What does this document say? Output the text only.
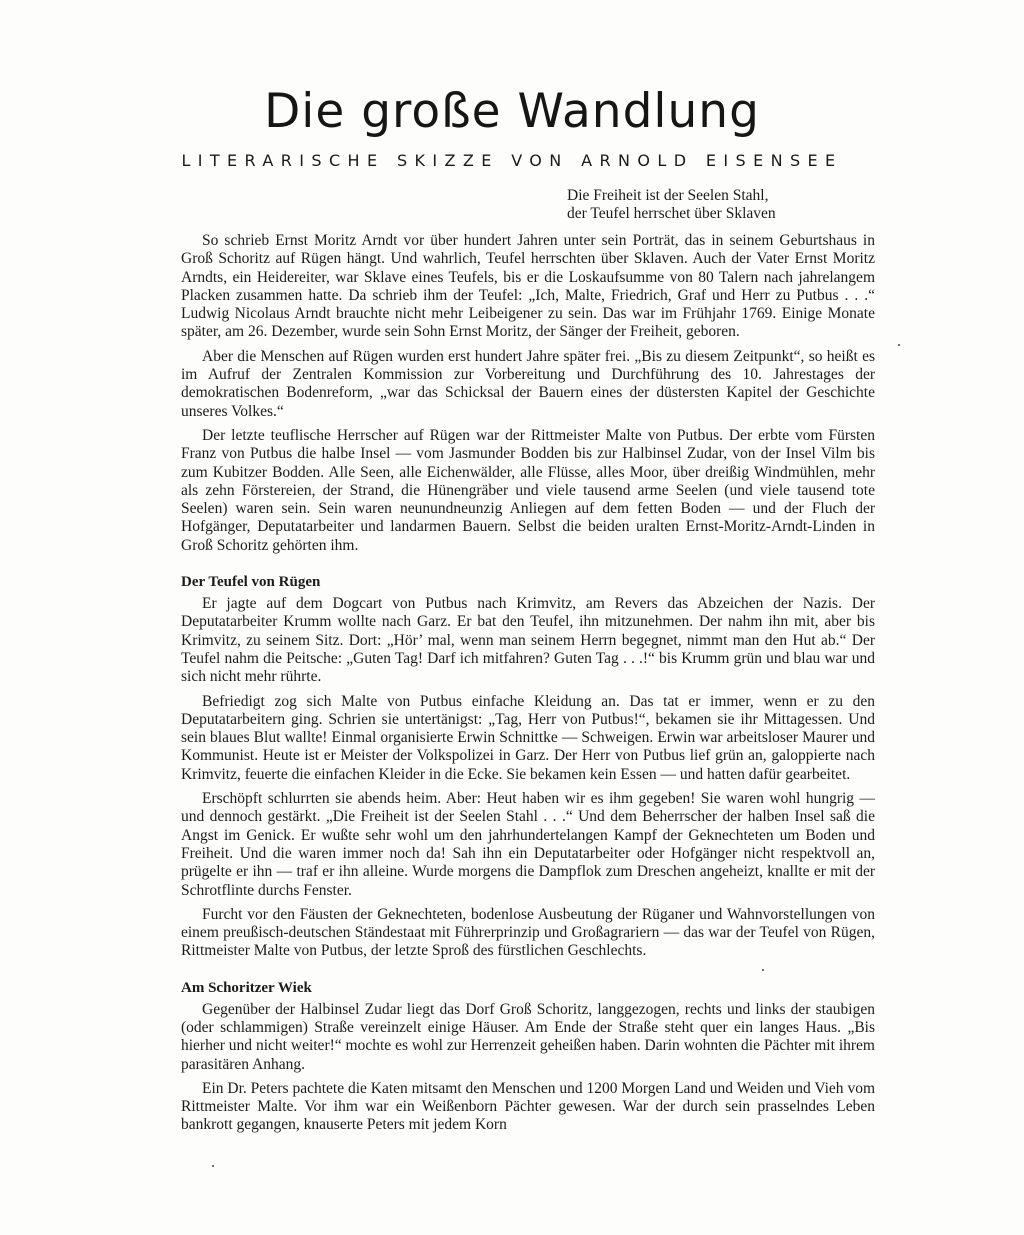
Die große Wandlung
LITERARISCHE SKIZZE VON ARNOLD EISENSEE
Die Freiheit ist der Seelen Stahl,
der Teufel herrschet über Sklaven

So schrieb Ernst Moritz Arndt vor über hundert Jahren unter sein Porträt, das in seinem Geburtshaus in Groß Schoritz auf Rügen hängt. Und wahrlich, Teufel herrschten über Sklaven. Auch der Vater Ernst Moritz Arndts, ein Heidereiter, war Sklave eines Teufels, bis er die Loskaufsumme von 80 Talern nach jahrelangem Placken zusammen hatte. Da schrieb ihm der Teufel: „Ich, Malte, Friedrich, Graf und Herr zu Putbus . . .“ Ludwig Nicolaus Arndt brauchte nicht mehr Leibeigener zu sein. Das war im Frühjahr 1769. Einige Monate später, am 26. Dezember, wurde sein Sohn Ernst Moritz, der Sänger der Freiheit, geboren.

Aber die Menschen auf Rügen wurden erst hundert Jahre später frei. „Bis zu diesem Zeitpunkt“, so heißt es im Aufruf der Zentralen Kommission zur Vorbereitung und Durchführung des 10. Jahrestages der demokratischen Bodenreform, „war das Schicksal der Bauern eines der düstersten Kapitel der Geschichte unseres Volkes.“

Der letzte teuflische Herrscher auf Rügen war der Rittmeister Malte von Putbus. Der erbte vom Fürsten Franz von Putbus die halbe Insel — vom Jasmunder Bodden bis zur Halbinsel Zudar, von der Insel Vilm bis zum Kubitzer Bodden. Alle Seen, alle Eichenwälder, alle Flüsse, alles Moor, über dreißig Windmühlen, mehr als zehn Förstereien, der Strand, die Hünengräber und viele tausend arme Seelen (und viele tausend tote Seelen) waren sein. Sein waren neunundneunzig Anliegen auf dem fetten Boden — und der Fluch der Hofgänger, Deputatarbeiter und landarmen Bauern. Selbst die beiden uralten Ernst-Moritz-Arndt-Linden in Groß Schoritz gehörten ihm.

Der Teufel von Rügen

Er jagte auf dem Dogcart von Putbus nach Krimvitz, am Revers das Abzeichen der Nazis. Der Deputatarbeiter Krumm wollte nach Garz. Er bat den Teufel, ihn mitzunehmen. Der nahm ihn mit, aber bis Krimvitz, zu seinem Sitz. Dort: „Hör’ mal, wenn man seinem Herrn begegnet, nimmt man den Hut ab.“ Der Teufel nahm die Peitsche: „Guten Tag! Darf ich mitfahren? Guten Tag . . .!“ bis Krumm grün und blau war und sich nicht mehr rührte.

Befriedigt zog sich Malte von Putbus einfache Kleidung an. Das tat er immer, wenn er zu den Deputatarbeitern ging. Schrien sie untertänigst: „Tag, Herr von Putbus!“, bekamen sie ihr Mittagessen. Und sein blaues Blut wallte! Einmal organisierte Erwin Schnittke — Schweigen. Erwin war arbeitsloser Maurer und Kommunist. Heute ist er Meister der Volkspolizei in Garz. Der Herr von Putbus lief grün an, galoppierte nach Krimvitz, feuerte die einfachen Kleider in die Ecke. Sie bekamen kein Essen — und hatten dafür gearbeitet.

Erschöpft schlurrten sie abends heim. Aber: Heut haben wir es ihm gegeben! Sie waren wohl hungrig — und dennoch gestärkt. „Die Freiheit ist der Seelen Stahl . . .“ Und dem Beherrscher der halben Insel saß die Angst im Genick. Er wußte sehr wohl um den jahrhundertelangen Kampf der Geknechteten um Boden und Freiheit. Und die waren immer noch da! Sah ihn ein Deputatarbeiter oder Hofgänger nicht respektvoll an, prügelte er ihn — traf er ihn alleine. Wurde morgens die Dampflok zum Dreschen angeheizt, knallte er mit der Schrotflinte durchs Fenster.

Furcht vor den Fäusten der Geknechteten, bodenlose Ausbeutung der Rüganer und Wahnvorstellungen von einem preußisch-deutschen Ständestaat mit Führerprinzip und Großagrariern — das war der Teufel von Rügen, Rittmeister Malte von Putbus, der letzte Sproß des fürstlichen Geschlechts.

Am Schoritzer Wiek

Gegenüber der Halbinsel Zudar liegt das Dorf Groß Schoritz, langgezogen, rechts und links der staubigen (oder schlammigen) Straße vereinzelt einige Häuser. Am Ende der Straße steht quer ein langes Haus. „Bis hierher und nicht weiter!“ mochte es wohl zur Herrenzeit geheißen haben. Darin wohnten die Pächter mit ihrem parasitären Anhang.

Ein Dr. Peters pachtete die Katen mitsamt den Menschen und 1200 Morgen Land und Weiden und Vieh vom Rittmeister Malte. Vor ihm war ein Weißenborn Pächter gewesen. War der durch sein prasselndes Leben bankrott gegangen, knauserte Peters mit jedem Korn
